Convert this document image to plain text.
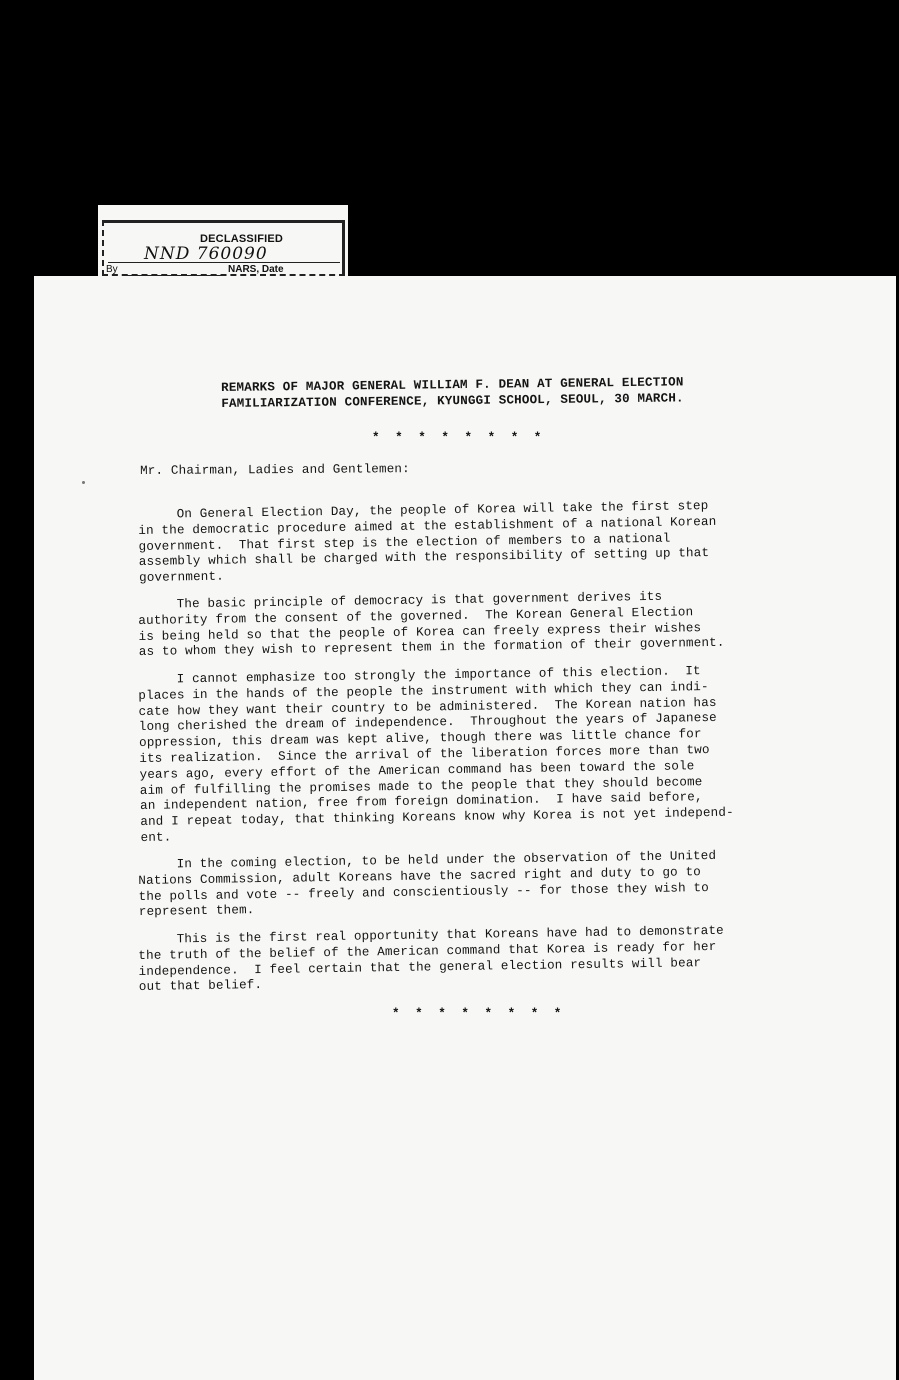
DECLASSIFIED
NND 760090
By	NARS, Date
REMARKS OF MAJOR GENERAL WILLIAM F. DEAN AT GENERAL ELECTION
FAMILIARIZATION CONFERENCE, KYUNGGI SCHOOL, SEOUL, 30 MARCH.
* * * * * * * *
Mr. Chairman, Ladies and Gentlemen:
On General Election Day, the people of Korea will take the first step
in the democratic procedure aimed at the establishment of a national Korean
government.  That first step is the election of members to a national
assembly which shall be charged with the responsibility of setting up that
government.
The basic principle of democracy is that government derives its
authority from the consent of the governed.  The Korean General Election
is being held so that the people of Korea can freely express their wishes
as to whom they wish to represent them in the formation of their government.
I cannot emphasize too strongly the importance of this election.  It
places in the hands of the people the instrument with which they can indi-
cate how they want their country to be administered.  The Korean nation has
long cherished the dream of independence.  Throughout the years of Japanese
oppression, this dream was kept alive, though there was little chance for
its realization.  Since the arrival of the liberation forces more than two
years ago, every effort of the American command has been toward the sole
aim of fulfilling the promises made to the people that they should become
an independent nation, free from foreign domination.  I have said before,
and I repeat today, that thinking Koreans know why Korea is not yet independ-
ent.
In the coming election, to be held under the observation of the United
Nations Commission, adult Koreans have the sacred right and duty to go to
the polls and vote -- freely and conscientiously -- for those they wish to
represent them.
This is the first real opportunity that Koreans have had to demonstrate
the truth of the belief of the American command that Korea is ready for her
independence.  I feel certain that the general election results will bear
out that belief.
* * * * * * * *
